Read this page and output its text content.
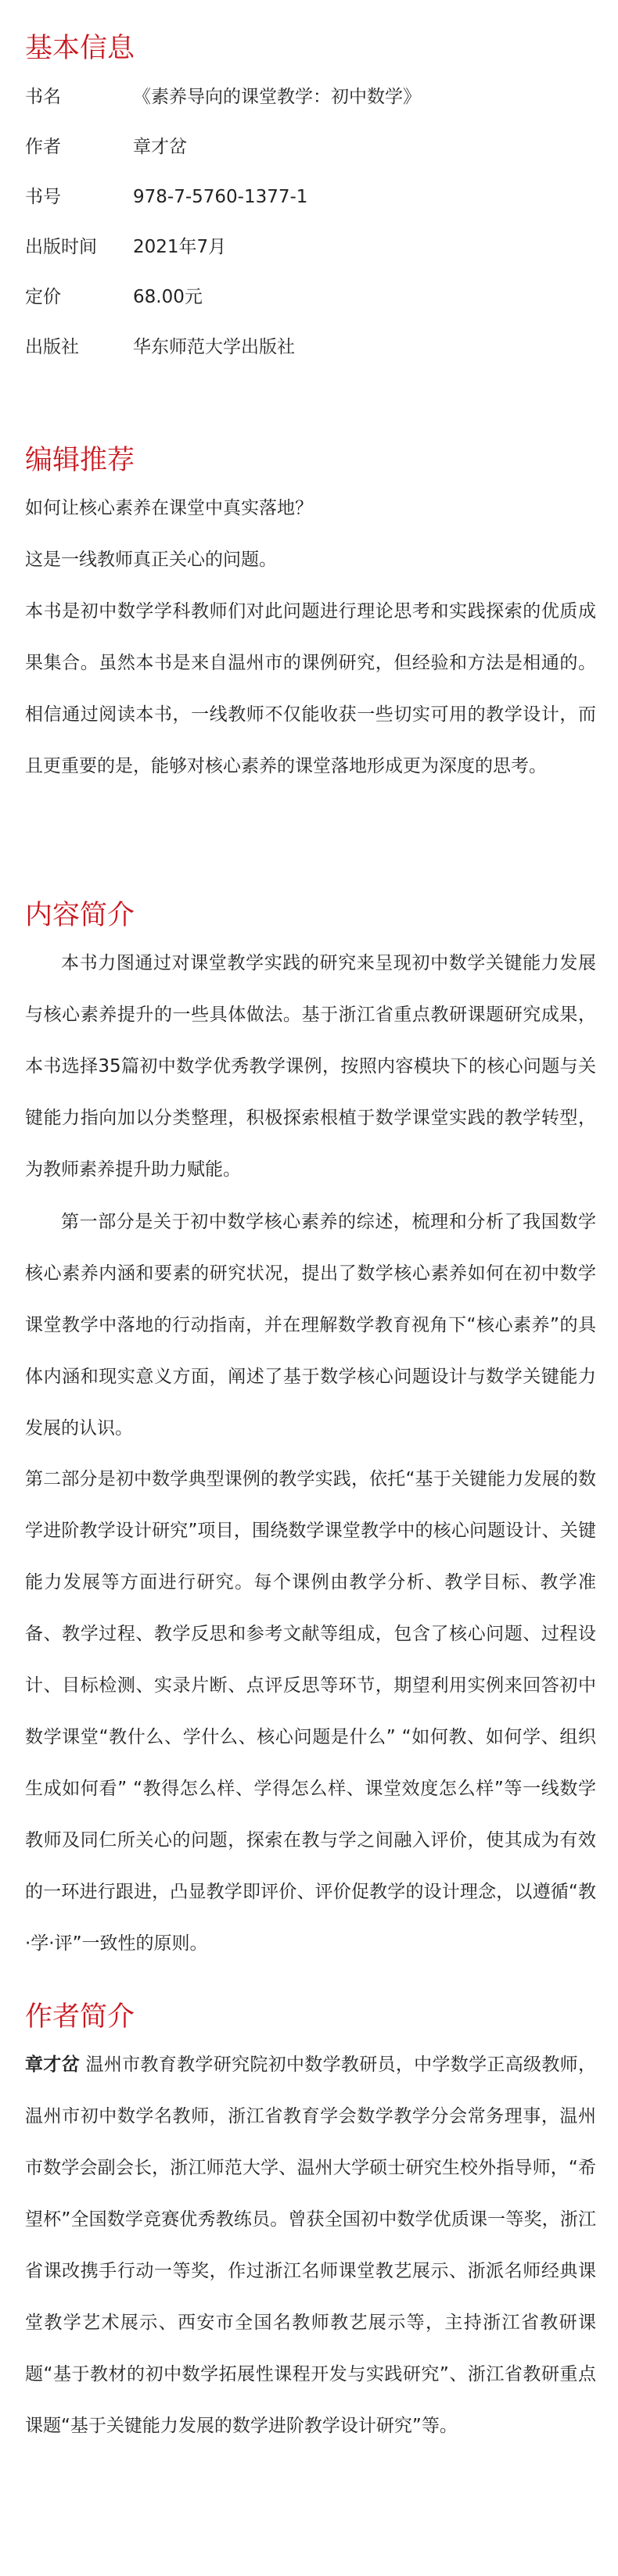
基本信息
书名	《素养导向的课堂教学：初中数学》
作者	章才岔
书号	978-7-5760-1377-1
出版时间 2021年7月
定价	68.00元
出版社	华东师范大学出版社
编辑推荐

如何让核心素养在课堂中真实落地？

这是一线教师真正关心的问题。

本书是初中数学学科教师们对此问题进行理论思考和实践探索的优质成果集合。虽然本书是来自温州市的课例研究，但经验和方法是相通的。相信通过阅读本书，一线教师不仅能收获一些切实可用的教学设计，而且更重要的是，能够对核心素养的课堂落地形成更为深度的思考。

内容简介

本书力图通过对课堂教学实践的研究来呈现初中数学关键能力发展与核心素养提升的一些具体做法。基于浙江省重点教研课题研究成果，本书选择35篇初中数学优秀教学课例，按照内容模块下的核心问题与关键能力指向加以分类整理，积极探索根植于数学课堂实践的教学转型，为教师素养提升助力赋能。

第一部分是关于初中数学核心素养的综述，梳理和分析了我国数学核心素养内涵和要素的研究状况，提出了数学核心素养如何在初中数学课堂教学中落地的行动指南，并在理解数学教育视角下“核心素养”的具体内涵和现实意义方面，阐述了基于数学核心问题设计与数学关键能力发展的认识。

第二部分是初中数学典型课例的教学实践，依托“基于关键能力发展的数学进阶教学设计研究”项目，围绕数学课堂教学中的核心问题设计、关键能力发展等方面进行研究。每个课例由教学分析、教学目标、教学准备、教学过程、教学反思和参考文献等组成，包含了核心问题、过程设计、目标检测、实录片断、点评反思等环节，期望利用实例来回答初中数学课堂“教什么、学什么、核心问题是什么” “如何教、如何学、组织生成如何看” “教得怎么样、学得怎么样、课堂效度怎么样”等一线数学教师及同仁所关心的问题，探索在教与学之间融入评价，使其成为有效的一环进行跟进，凸显教学即评价、评价促教学的设计理念，以遵循“教·学·评”一致性的原则。

作者简介

章才岔 温州市教育教学研究院初中数学教研员，中学数学正高级教师，温州市初中数学名教师，浙江省教育学会数学教学分会常务理事，温州市数学会副会长，浙江师范大学、温州大学硕士研究生校外指导师，“希望杯”全国数学竞赛优秀教练员。曾获全国初中数学优质课一等奖，浙江省课改携手行动一等奖，作过浙江名师课堂教艺展示、浙派名师经典课堂教学艺术展示、西安市全国名教师教艺展示等，主持浙江省教研课题“基于教材的初中数学拓展性课程开发与实践研究”、浙江省教研重点课题“基于关键能力发展的数学进阶教学设计研究”等。
